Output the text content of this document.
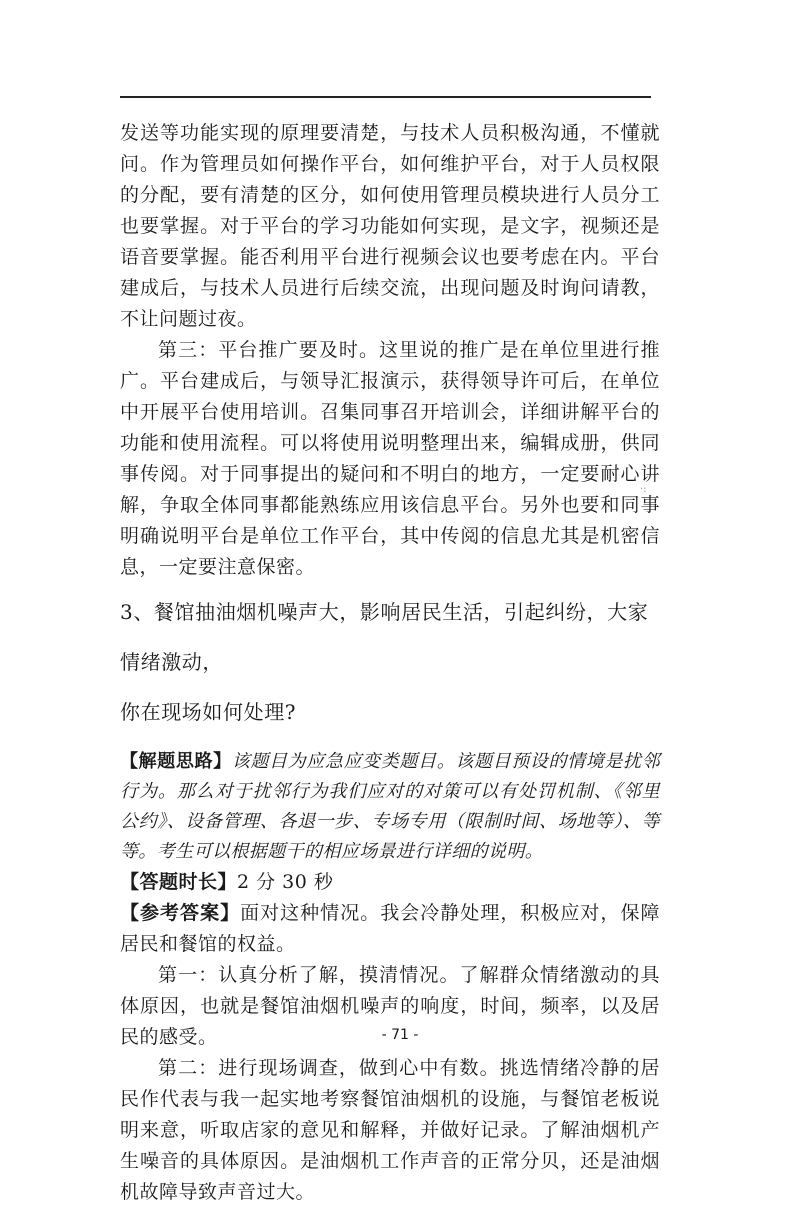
发送等功能实现的原理要清楚，与技术人员积极沟通，不懂就问。作为管理员如何操作平台，如何维护平台，对于人员权限的分配，要有清楚的区分，如何使用管理员模块进行人员分工也要掌握。对于平台的学习功能如何实现，是文字，视频还是语音要掌握。能否利用平台进行视频会议也要考虑在内。平台建成后，与技术人员进行后续交流，出现问题及时询问请教，不让问题过夜。

第三：平台推广要及时。这里说的推广是在单位里进行推广。平台建成后，与领导汇报演示，获得领导许可后，在单位中开展平台使用培训。召集同事召开培训会，详细讲解平台的功能和使用流程。可以将使用说明整理出来，编辑成册，供同事传阅。对于同事提出的疑问和不明白的地方，一定要耐心讲解，争取全体同事都能熟练应用该信息平台。另外也要和同事明确说明平台是单位工作平台，其中传阅的信息尤其是机密信息，一定要注意保密。

3、餐馆抽油烟机噪声大，影响居民生活，引起纠纷，大家情绪激动，
你在现场如何处理?

【解题思路】该题目为应急应变类题目。该题目预设的情境是扰邻行为。那么对于扰邻行为我们应对的对策可以有处罚机制、《邻里公约》、设备管理、各退一步、专场专用（限制时间、场地等）、等等。考生可以根据题干的相应场景进行详细的说明。

【答题时长】2 分 30 秒

【参考答案】面对这种情况。我会冷静处理，积极应对，保障居民和餐馆的权益。

第一：认真分析了解，摸清情况。了解群众情绪激动的具体原因，也就是餐馆油烟机噪声的响度，时间，频率，以及居民的感受。

第二：进行现场调查，做到心中有数。挑选情绪冷静的居民作代表与我一起实地考察餐馆油烟机的设施，与餐馆老板说明来意，听取店家的意见和解释，并做好记录。了解油烟机产生噪音的具体原因。是油烟机工作声音的正常分贝，还是油烟机故障导致声音过大。

·:
- 71 -
